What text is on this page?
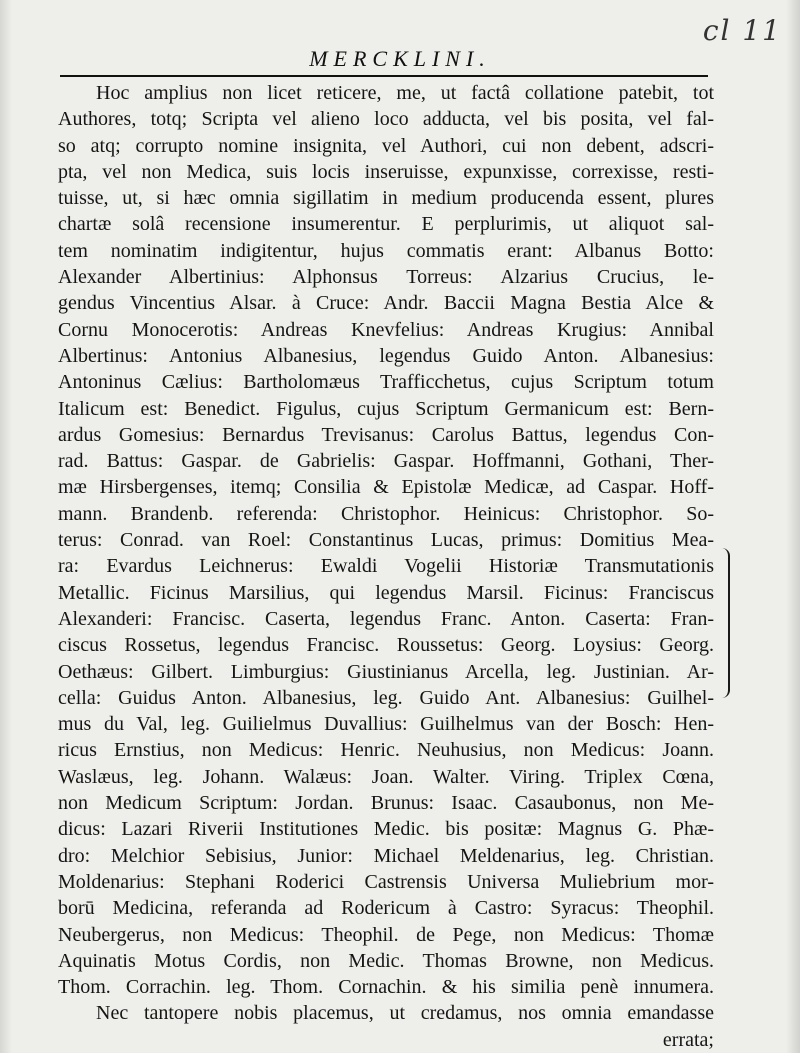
cl 11
MERCKLINI.
Hoc amplius non licet reticere, me, ut factâ collatione patebit, tot
Authores, totq; Scripta vel alieno loco adducta, vel bis posita, vel fal-
so atq; corrupto nomine insignita, vel Authori, cui non debent, adscri-
pta, vel non Medica, suis locis inseruisse, expunxisse, correxisse, resti-
tuisse, ut, si hæc omnia sigillatim in medium producenda essent, plures
chartæ solâ recensione insumerentur. E perplurimis, ut aliquot sal-
tem nominatim indigitentur, hujus commatis erant: Albanus Botto:
Alexander Albertinius: Alphonsus Torreus: Alzarius Crucius, le-
gendus Vincentius Alsar. à Cruce: Andr. Baccii Magna Bestia Alce &
Cornu Monocerotis: Andreas Knevfelius: Andreas Krugius: Annibal
Albertinus: Antonius Albanesius, legendus Guido Anton. Albanesius:
Antoninus Cælius: Bartholomæus Trafficchetus, cujus Scriptum totum
Italicum est: Benedict. Figulus, cujus Scriptum Germanicum est: Bern-
ardus Gomesius: Bernardus Trevisanus: Carolus Battus, legendus Con-
rad. Battus: Gaspar. de Gabrielis: Gaspar. Hoffmanni, Gothani, Ther-
mæ Hirsbergenses, itemq; Consilia & Epistolæ Medicæ, ad Caspar. Hoff-
mann. Brandenb. referenda: Christophor. Heinicus: Christophor. So-
terus: Conrad. van Roel: Constantinus Lucas, primus: Domitius Mea-
ra: Evardus Leichnerus: Ewaldi Vogelii Historiæ Transmutationis
Metallic. Ficinus Marsilius, qui legendus Marsil. Ficinus: Franciscus
Alexanderi: Francisc. Caserta, legendus Franc. Anton. Caserta: Fran-
ciscus Rossetus, legendus Francisc. Roussetus: Georg. Loysius: Georg.
Oethæus: Gilbert. Limburgius: Giustinianus Arcella, leg. Justinian. Ar-
cella: Guidus Anton. Albanesius, leg. Guido Ant. Albanesius: Guilhel-
mus du Val, leg. Guilielmus Duvallius: Guilhelmus van der Bosch: Hen-
ricus Ernstius, non Medicus: Henric. Neuhusius, non Medicus: Joann.
Waslæus, leg. Johann. Walæus: Joan. Walter. Viring. Triplex Cœna,
non Medicum Scriptum: Jordan. Brunus: Isaac. Casaubonus, non Me-
dicus: Lazari Riverii Institutiones Medic. bis positæ: Magnus G. Phæ-
dro: Melchior Sebisius, Junior: Michael Meldenarius, leg. Christian.
Moldenarius: Stephani Roderici Castrensis Universa Muliebrium mor-
borū Medicina, referanda ad Rodericum à Castro: Syracus: Theophil.
Neubergerus, non Medicus: Theophil. de Pege, non Medicus: Thomæ
Aquinatis Motus Cordis, non Medic. Thomas Browne, non Medicus.
Thom. Corrachin. leg. Thom. Cornachin. & his similia penè innumera.
Nec tantopere nobis placemus, ut credamus, nos omnia emandasse
errata;
